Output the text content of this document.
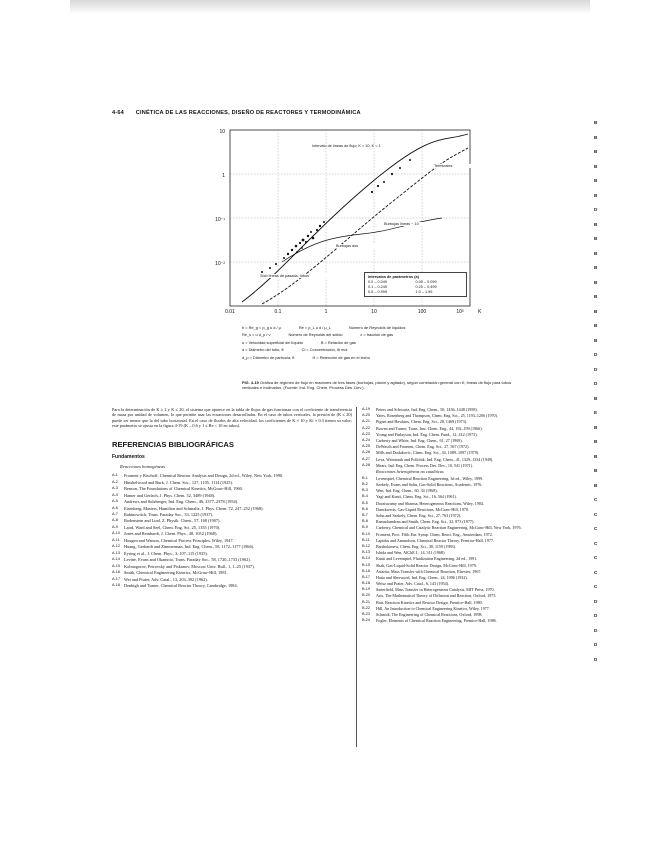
4-64 CINÉTICA DE LAS REACCIONES, DISEÑO DE REACTORES Y TERMODINÁMICA
10
1
10⁻¹
10⁻²
0.01	0.1	1	10	100	10³	K
Intervalo de líneas de flujo; K > 10, K < 1
Terminales
Burbujas líneas ~ 10
Burbujas dos
Sólo líneas de pasada, tubos	Intervalos de parámetros (a)
0.0 – 0.049	0.05 – 0.099
0.1 – 0.249	0.25 – 0.499
0.5 – 0.999	1.0 – 1.99
b = Re_g = ρ_g u d / μ	Re = ρ_L u d / μ_L	Número de Reynolds de líquidos
Re_s = u d_p / ν	Número de Reynolds del sólido	ε = fracción de gas
u = Velocidad superficial del líquido	B = Relación de gas
d = Diámetro del tubo, ft	Ci = Concentración, lb mol
d_p = Diámetro de partícula, ft	H = Retención de gas en el lecho
FIG. 4-19 Gráfica de régimen de flujo en reactores de tres fases (burbujas, pistón y agitado), según correlación general con K; líneas de flujo para tubos verticales e inclinados. (Fuente: Ind. Eng. Chem. Process Des. Dev.)

Para la determinación de K ≥ 2 y K ≤ 20, el sistema que aparece en la tabla de flujos de gas funcionan con el coeficiente de transferencia de masa por unidad de volumen, lo que permite usar las ecuaciones desarrolladas. En el caso de tubos verticales, la presión de (K ≤ 20) puede ser menor que la del tubo horizontal. En el caso de fluidos de alta velocidad, los coeficientes de K ≈ 10 y Ki ≈ 0.3 tienen su valor; este parámetro se ajusta en la figura 4-19 (K – 0.6 y 1 ≤ Re < 10 en tubos).

REFERENCIAS BIBLIOGRÁFICAS
Fundamentos
Reacciones homogéneas
A-1	Froment y Bischoff, Chemical Reactor Analysis and Design, 2d ed., Wiley, New York, 1990.
A-2	Hinshelwood and Burk, J. Chem. Soc., 127, 1105, 1114 (1925).
A-3	Benson, The Foundations of Chemical Kinetics, McGraw-Hill, 1960.
A-4	Hamer and Gerlach, J. Phys. Chem. 52, 3489 (1948).
A-5	Andrews and Sulzberger, Ind. Eng. Chem., 46, 2377–2378 (1954).
A-6	Eisenberg, Masters, Hamilton and Schmaltz, J. Phys. Chem. 72, 247–252 (1968).
A-7	Rabinowitch, Trans. Faraday Soc., 33, 1225 (1937).
A-8	Bodenstein and Lind, Z. Physik. Chem., 57, 168 (1907).
A-9	Laird, Ward and Seel, Chem. Eng. Sci. 25, 1355 (1970).
A-10 Jones and Reinhardt, J. Chem. Phys., 48, 1052 (1968).
A-11 Hougen and Watson, Chemical Process Principles, Wiley, 1947.
A-12 Huang, Gerhardt and Zimmerman, Ind. Eng. Chem., 58, 1172–1177 (1966).
A-13 Eyring et al., J. Chem. Phys., 3, 107–115 (1935).
A-14 Levine, Evans and Okamoto, Trans. Faraday Soc., 58, 1720–1733 (1962).
A-15 Kolmogorov, Petrovsky and Piskunov, Moscow Univ. Bull., 1, 1–25 (1937).
A-16 Smith, Chemical Engineering Kinetics, McGraw-Hill, 1981.
A-17 Wei and Prater, Adv. Catal., 13, 203–392 (1962).
A-18 Denbigh and Turner, Chemical Reactor Theory, Cambridge, 1984.
A-19	Peters and Schwartz, Ind. Eng. Chem., 50, 1436–1448 (1958).
A-20	Yates, Rosenberg and Thompson, Chem. Eng. Sci., 25, 1193–1206 (1970).
A-21	Pignet and Hawkins, Chem. Eng. Sci., 28, 1469 (1973).
A-22	Bowen and Turner, Trans. Inst. Chem. Eng., 44, 192–199 (1966).
A-23	Young and Finlayson, Ind. Eng. Chem. Fund., 12, 412 (1973).
A-24	Carberry and White, Ind. Eng. Chem., 61, 27 (1969).
A-25	DeWasch and Froment, Chem. Eng. Sci., 27, 567 (1972).
A-26	Mills and Dudukovic, Chem. Eng. Sci., 34, 1089–1097 (1979).
A-27	Leva, Weintraub and Pollchik, Ind. Eng. Chem., 41, 1329–1334 (1949).
A-28	Mears, Ind. Eng. Chem. Process Des. Dev., 10, 541 (1971).
Reacciones heterogéneas no catalíticas
B-1	Levenspiel, Chemical Reaction Engineering, 3d ed., Wiley, 1999.
B-2	Szekely, Evans and Sohn, Gas-Solid Reactions, Academic, 1976.
B-3	Wen, Ind. Eng. Chem., 60, 34 (1968).
B-4	Yagi and Kunii, Chem. Eng. Sci., 16, 364 (1961).
B-5	Doraiswamy and Sharma, Heterogeneous Reactions, Wiley, 1984.
B-6	Danckwerts, Gas-Liquid Reactions, McGraw-Hill, 1970.
B-7	Sohn and Szekely, Chem. Eng. Sci., 27, 763 (1972).
B-8	Ramachandran and Smith, Chem. Eng. Sci., 32, 873 (1977).
B-9	Carberry, Chemical and Catalytic Reaction Engineering, McGraw-Hill, New York, 1976.
B-10	Froment, Proc. Fifth Eur. Symp. Chem. React. Eng., Amsterdam, 1972.
B-11	Lapidus and Amundson, Chemical Reactor Theory, Prentice-Hall, 1977.
B-12	Bartholomew, Chem. Eng. Sci., 38, 1159 (1983).
B-13	Ishida and Wen, AIChE J., 14, 311 (1968).
B-14	Kunii and Levenspiel, Fluidization Engineering, 2d ed., 1991.
B-15	Shah, Gas-Liquid-Solid Reactor Design, McGraw-Hill, 1979.
B-16	Astarita, Mass Transfer with Chemical Reaction, Elsevier, 1967.
B-17	Hatta and Sherwood, Ind. Eng. Chem., 24, 1006 (1932).
B-18	Weisz and Prater, Adv. Catal., 6, 143 (1954).
B-19	Satterfield, Mass Transfer in Heterogeneous Catalysis, MIT Press, 1970.
B-20	Aris, The Mathematical Theory of Diffusion and Reaction, Oxford, 1975.
B-21	Butt, Reaction Kinetics and Reactor Design, Prentice-Hall, 1980.
B-22	Hill, An Introduction to Chemical Engineering Kinetics, Wiley, 1977.
B-23	Schmidt, The Engineering of Chemical Reactions, Oxford, 1998.
B-24	Fogler, Elements of Chemical Reaction Engineering, Prentice-Hall, 1986.
B
B
B
B
B
B
D
B
B
B
B
B
B
B
B
B
D
D
D
B
E
B
B
B
B
B
C
C
C
C
C
C
C
D
D
D
D
D
